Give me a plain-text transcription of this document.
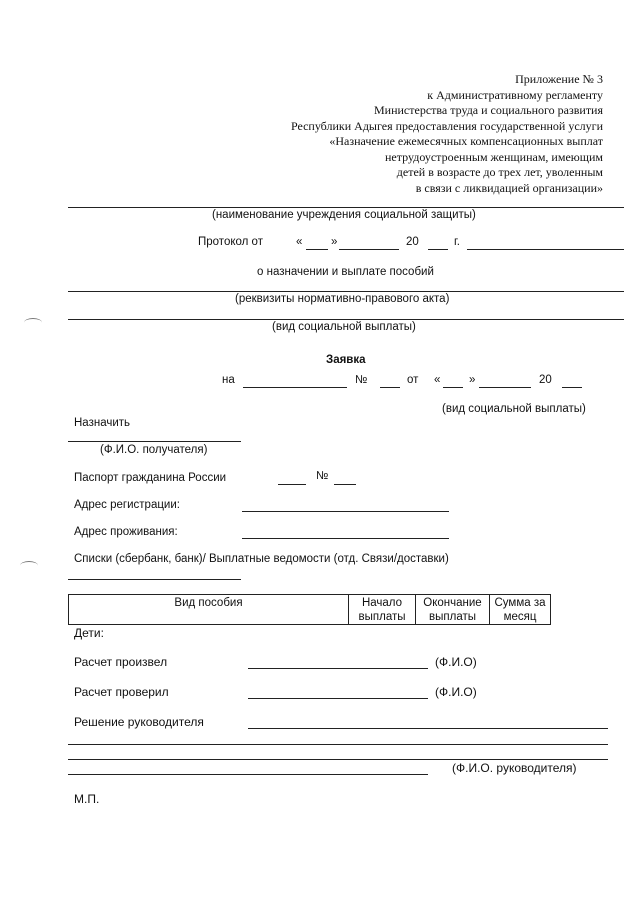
Приложение № 3
к Административному регламенту
Министерства труда и социального развития
Республики Адыгея предоставления государственной услуги
«Назначение ежемесячных компенсационных выплат
нетрудоустроенным женщинам, имеющим
детей в возрасте до трех лет, уволенным
в связи с ликвидацией организации»
(наименование учреждения социальной защиты)
Протокол от	« »	20	г.
о назначении и выплате пособий
(реквизиты нормативно-правового акта)
(вид социальной выплаты)
Заявка
на	№	от « »	20
(вид социальной выплаты)
Назначить
(Ф.И.О. получателя)
Паспорт гражданина России	№
Адрес регистрации:
Адрес проживания:
Списки (сбербанк, банк)/ Выплатные ведомости (отд. Связи/доставки)
Вид пособия	Начало выплаты	Окончание выплаты	Сумма за месяц
Дети:
Расчет произвел	(Ф.И.О)
Расчет проверил	(Ф.И.О)
Решение руководителя
(Ф.И.О. руководителя)
М.П.
